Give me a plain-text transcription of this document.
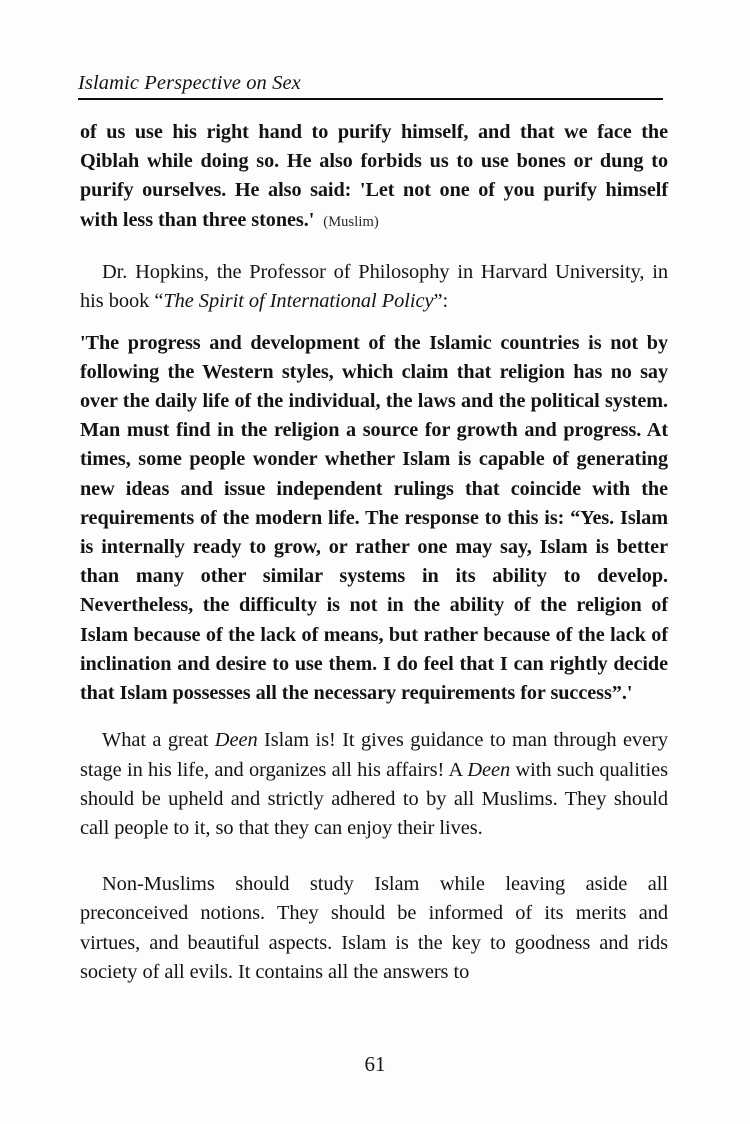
Islamic Perspective on Sex

of us use his right hand to purify himself, and that we face the Qiblah while doing so. He also forbids us to use bones or dung to purify ourselves. He also said: 'Let not one of you purify himself with less than three stones.' (Muslim)

Dr. Hopkins, the Professor of Philosophy in Harvard University, in his book “The Spirit of International Policy”:

'The progress and development of the Islamic countries is not by following the Western styles, which claim that religion has no say over the daily life of the individual, the laws and the political system. Man must find in the religion a source for growth and progress. At times, some people wonder whether Islam is capable of generating new ideas and issue independent rulings that coincide with the requirements of the modern life. The response to this is: “Yes. Islam is internally ready to grow, or rather one may say, Islam is better than many other similar systems in its ability to develop. Nevertheless, the difficulty is not in the ability of the religion of Islam because of the lack of means, but rather because of the lack of inclination and desire to use them. I do feel that I can rightly decide that Islam possesses all the necessary requirements for success”.'

What a great Deen Islam is! It gives guidance to man through every stage in his life, and organizes all his affairs! A Deen with such qualities should be upheld and strictly adhered to by all Muslims. They should call people to it, so that they can enjoy their lives.

Non-Muslims should study Islam while leaving aside all preconceived notions. They should be informed of its merits and virtues, and beautiful aspects. Islam is the key to goodness and rids society of all evils. It contains all the answers to

61
